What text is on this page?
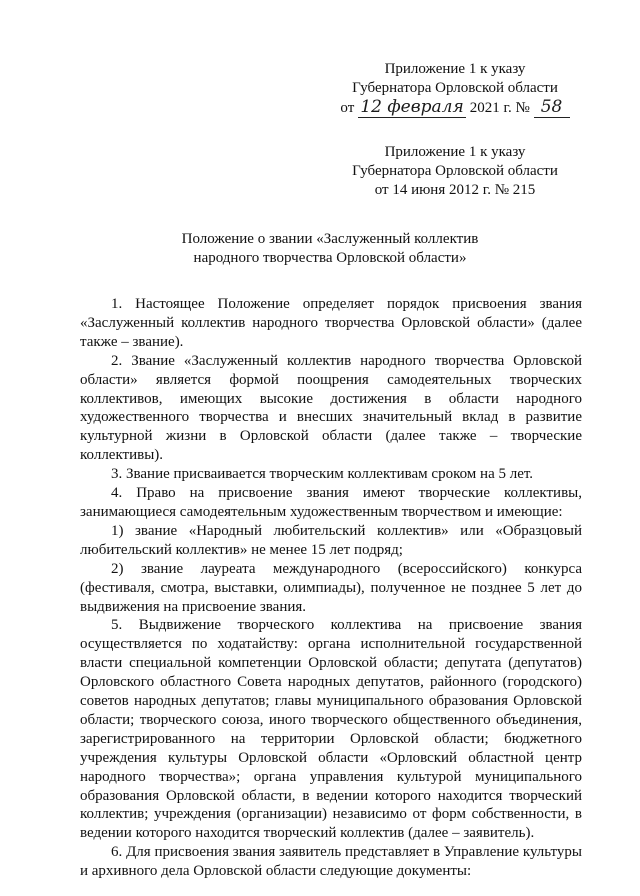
Приложение 1 к указу
Губернатора Орловской области
от 12 февраля 2021 г. № 58
Приложение 1 к указу
Губернатора Орловской области
от 14 июня 2012 г. № 215
Положение о звании «Заслуженный коллектив
народного творчества Орловской области»

1. Настоящее Положение определяет порядок присвоения звания «Заслуженный коллектив народного творчества Орловской области» (далее также – звание).

2. Звание «Заслуженный коллектив народного творчества Орловской области» является формой поощрения самодеятельных творческих коллективов, имеющих высокие достижения в области народного художественного творчества и внесших значительный вклад в развитие культурной жизни в Орловской области (далее также – творческие коллективы).

3. Звание присваивается творческим коллективам сроком на 5 лет.

4. Право на присвоение звания имеют творческие коллективы, занимающиеся самодеятельным художественным творчеством и имеющие:

1) звание «Народный любительский коллектив» или «Образцовый любительский коллектив» не менее 15 лет подряд;

2) звание лауреата международного (всероссийского) конкурса (фестиваля, смотра, выставки, олимпиады), полученное не позднее 5 лет до выдвижения на присвоение звания.

5. Выдвижение творческого коллектива на присвоение звания осуществляется по ходатайству: органа исполнительной государственной власти специальной компетенции Орловской области; депутата (депутатов) Орловского областного Совета народных депутатов, районного (городского) советов народных депутатов; главы муниципального образования Орловской области; творческого союза, иного творческого общественного объединения, зарегистрированного на территории Орловской области; бюджетного учреждения культуры Орловской области «Орловский областной центр народного творчества»; органа управления культурой муниципального образования Орловской области, в ведении которого находится творческий коллектив; учреждения (организации) независимо от форм собственности, в ведении которого находится творческий коллектив (далее – заявитель).

6. Для присвоения звания заявитель представляет в Управление культуры и архивного дела Орловской области следующие документы:
